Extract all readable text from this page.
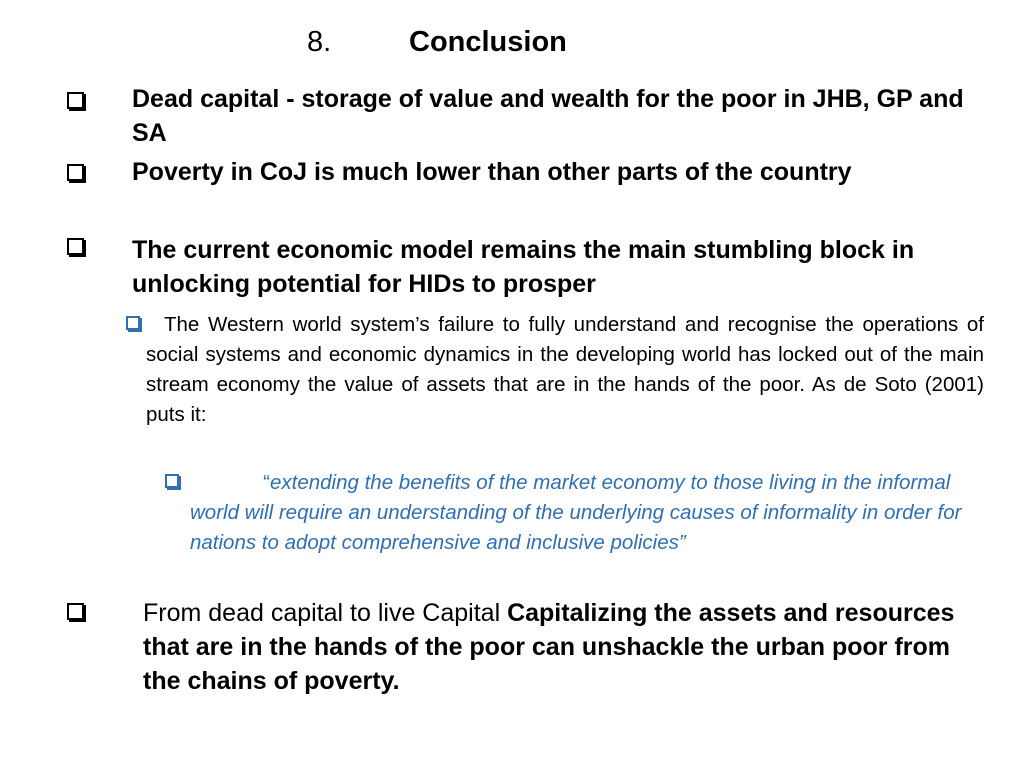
8.	Conclusion
Dead capital - storage of value and wealth for the poor in JHB, GP and SA
Poverty in CoJ is much lower than other parts of the country
The current economic model remains the main stumbling block in unlocking potential for HIDs to prosper
The Western world system’s failure to fully understand and recognise the operations of social systems and economic dynamics in the developing world has locked out of the main stream economy the value of assets that are in the hands of the poor. As de Soto (2001) puts it:
“extending the benefits of the market economy to those living in the informal world will require an understanding of the underlying causes of informality in order for nations to adopt comprehensive and inclusive policies”
From dead capital to live Capital Capitalizing the assets and resources that are in the hands of the poor can unshackle the urban poor from the chains of poverty.
